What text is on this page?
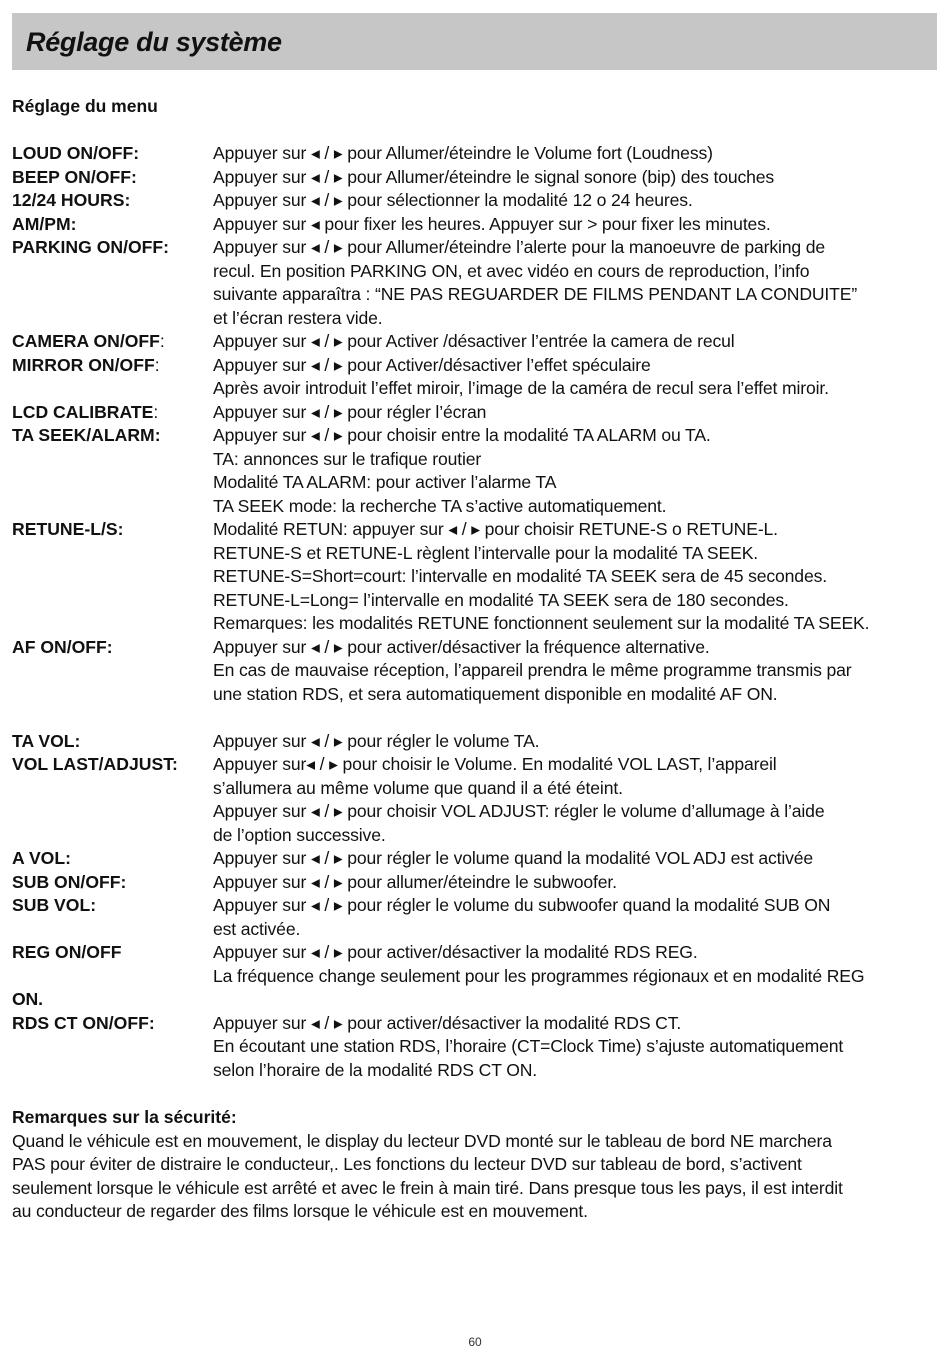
Réglage du système
Réglage du menu
LOUD ON/OFF:	Appuyer sur ◂ / ▸ pour Allumer/éteindre le Volume fort (Loudness)
BEEP ON/OFF:	Appuyer sur ◂ / ▸ pour Allumer/éteindre le signal sonore (bip) des touches
12/24 HOURS:	Appuyer sur ◂ / ▸ pour sélectionner la modalité 12 o 24 heures.
AM/PM:	Appuyer sur ◂ pour fixer les heures. Appuyer sur > pour fixer les minutes.
PARKING ON/OFF:	Appuyer sur ◂ / ▸ pour Allumer/éteindre l’alerte pour la manoeuvre de parking de
recul. En position PARKING ON, et avec vidéo en cours de reproduction, l’info
suivante apparaîtra : “NE PAS REGUARDER DE FILMS PENDANT LA CONDUITE”
et l’écran restera vide.
CAMERA ON/OFF:	Appuyer sur ◂ / ▸ pour Activer /désactiver l’entrée la camera de recul
MIRROR ON/OFF:	Appuyer sur ◂ / ▸ pour Activer/désactiver l’effet spéculaire
Après avoir introduit l’effet miroir, l’image de la caméra de recul sera l’effet miroir.
LCD CALIBRATE:	Appuyer sur ◂ / ▸ pour régler l’écran
TA SEEK/ALARM:	Appuyer sur ◂ / ▸ pour choisir entre la modalité TA ALARM ou TA.
TA: annonces sur le trafique routier
Modalité TA ALARM: pour activer l’alarme TA
TA SEEK mode: la recherche TA s’active automatiquement.
RETUNE-L/S:	Modalité RETUN: appuyer sur ◂ / ▸ pour choisir RETUNE-S o RETUNE-L.
RETUNE-S et RETUNE-L règlent l’intervalle pour la modalité TA SEEK.
RETUNE-S=Short=court: l’intervalle en modalité TA SEEK sera de 45 secondes.
RETUNE-L=Long= l’intervalle en modalité TA SEEK sera de 180 secondes.
Remarques: les modalités RETUNE fonctionnent seulement sur la modalité TA SEEK.
AF ON/OFF:	Appuyer sur ◂ / ▸ pour activer/désactiver la fréquence alternative.
En cas de mauvaise réception, l’appareil prendra le même programme transmis par
une station RDS, et sera automatiquement disponible en modalité AF ON.
TA VOL:	Appuyer sur ◂ / ▸ pour régler le volume TA.
VOL LAST/ADJUST:	Appuyer sur◂ / ▸ pour choisir le Volume. En modalité VOL LAST, l’appareil
s’allumera au même volume que quand il a été éteint.
Appuyer sur ◂ / ▸ pour choisir VOL ADJUST: régler le volume d’allumage à l’aide
de l’option successive.
A VOL:	Appuyer sur ◂ / ▸ pour régler le volume quand la modalité VOL ADJ est activée
SUB ON/OFF:	Appuyer sur ◂ / ▸ pour allumer/éteindre le subwoofer.
SUB VOL:	Appuyer sur ◂ / ▸ pour régler le volume du subwoofer quand la modalité SUB ON
est activée.
REG ON/OFF	Appuyer sur ◂ / ▸ pour activer/désactiver la modalité RDS REG.
La fréquence change seulement pour les programmes régionaux et en modalité REG
ON.
RDS CT ON/OFF:	Appuyer sur ◂ / ▸ pour activer/désactiver la modalité RDS CT.
En écoutant une station RDS, l’horaire (CT=Clock Time) s’ajuste automatiquement
selon l’horaire de la modalité RDS CT ON.
Remarques sur la sécurité:
Quand le véhicule est en mouvement, le display du lecteur DVD monté sur le tableau de bord NE marchera
PAS pour éviter de distraire le conducteur,. Les fonctions du lecteur DVD sur tableau de bord, s’activent
seulement lorsque le véhicule est arrêté et avec le frein à main tiré. Dans presque tous les pays, il est interdit
au conducteur de regarder des films lorsque le véhicule est en mouvement.
60
